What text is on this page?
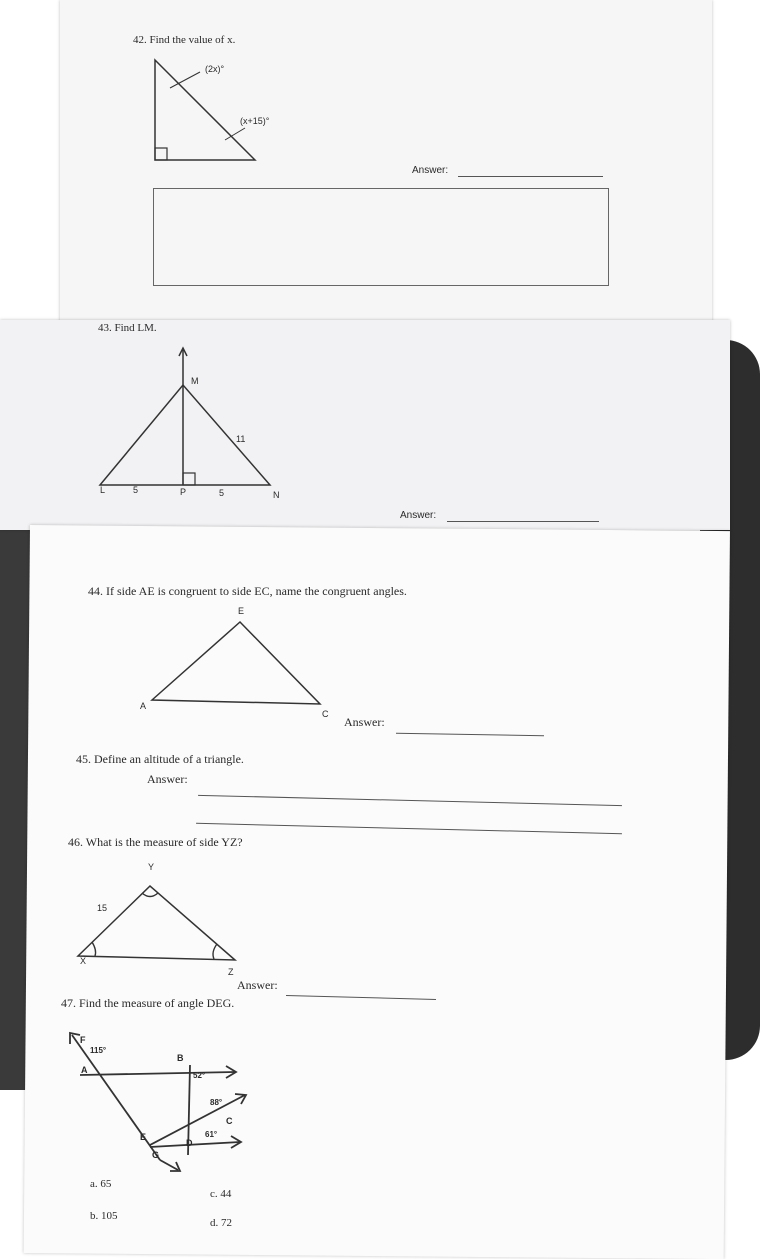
42. Find the value of x.
(2x)°
(x+15)°
Answer:
43. Find LM.
M
11
L	5	P	5	N
Answer:
44. If side AE is congruent to side EC, name the congruent angles.
E
A
C
Answer:
45. Define an altitude of a triangle.
Answer:
46. What is the measure of side YZ?
Y
15
X
Z
Answer:
47. Find the measure of angle DEG.
F
115°
A
B
52°
88°
C
61°
E
D
G
a. 65
c. 44
b. 105
d. 72
